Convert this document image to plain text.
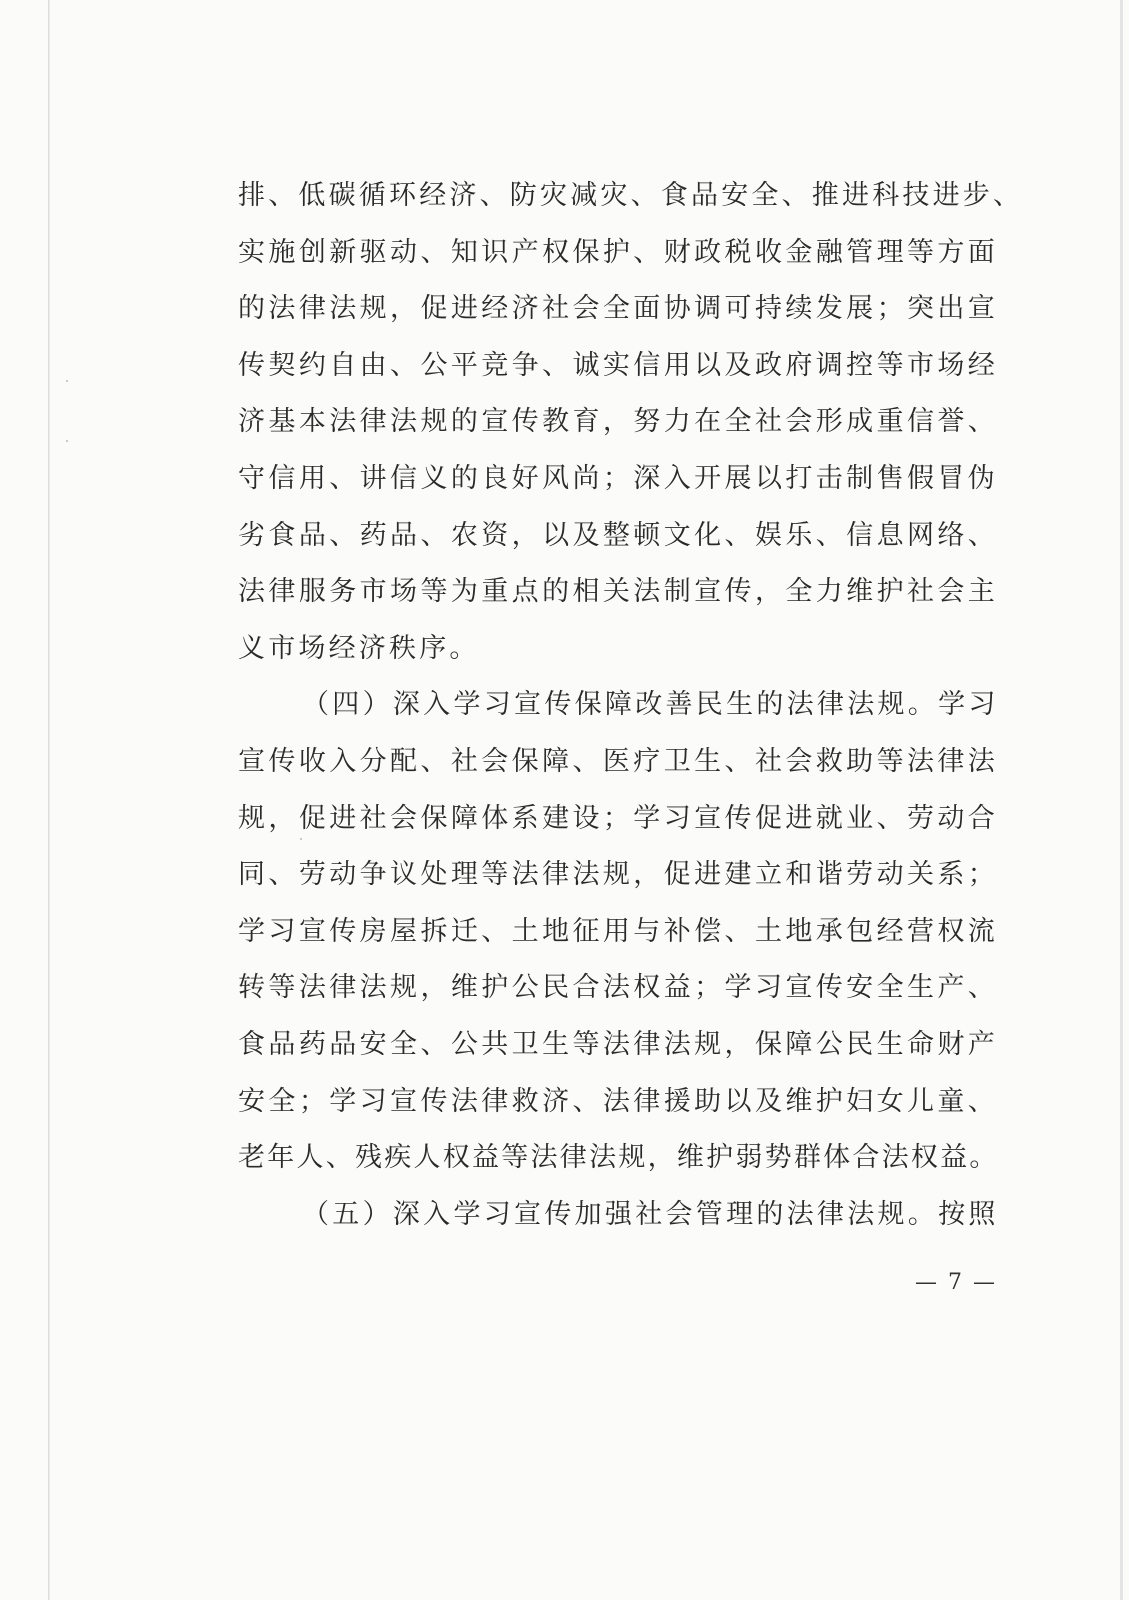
排、低碳循环经济、防灾减灾、食品安全、推进科技进步、
实施创新驱动、知识产权保护、财政税收金融管理等方面
的法律法规，促进经济社会全面协调可持续发展；突出宣
传契约自由、公平竞争、诚实信用以及政府调控等市场经
济基本法律法规的宣传教育，努力在全社会形成重信誉、
守信用、讲信义的良好风尚；深入开展以打击制售假冒伪
劣食品、药品、农资，以及整顿文化、娱乐、信息网络、
法律服务市场等为重点的相关法制宣传，全力维护社会主
义市场经济秩序。
（四）深入学习宣传保障改善民生的法律法规。学习
宣传收入分配、社会保障、医疗卫生、社会救助等法律法
规，促进社会保障体系建设；学习宣传促进就业、劳动合
同、劳动争议处理等法律法规，促进建立和谐劳动关系；
学习宣传房屋拆迁、土地征用与补偿、土地承包经营权流
转等法律法规，维护公民合法权益；学习宣传安全生产、
食品药品安全、公共卫生等法律法规，保障公民生命财产
安全；学习宣传法律救济、法律援助以及维护妇女儿童、
老年人、残疾人权益等法律法规，维护弱势群体合法权益。
（五）深入学习宣传加强社会管理的法律法规。按照
— 7 —
